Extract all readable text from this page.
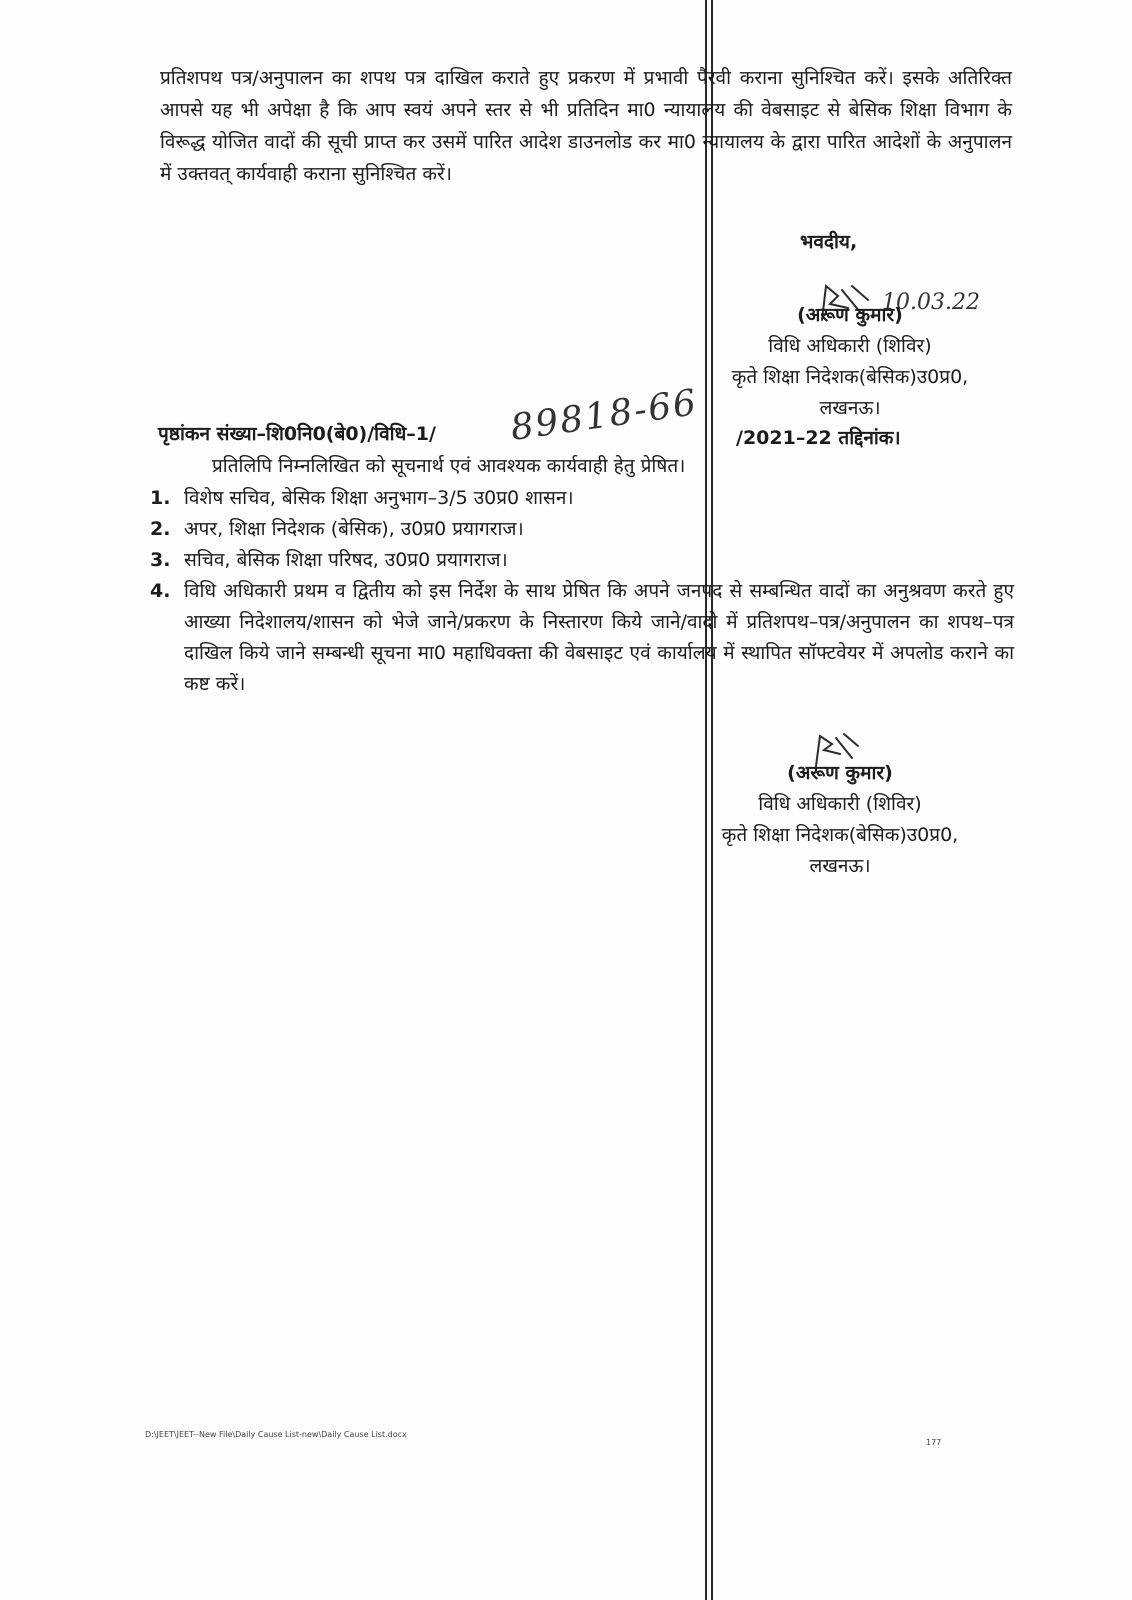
प्रतिशपथ पत्र/अनुपालन का शपथ पत्र दाखिल कराते हुए प्रकरण में प्रभावी पैरवी कराना सुनिश्चित करें। इसके अतिरिक्त आपसे यह भी अपेक्षा है कि आप स्वयं अपने स्तर से भी प्रतिदिन मा0 न्यायालय की वेबसाइट से बेसिक शिक्षा विभाग के विरूद्ध योजित वादों की सूची प्राप्त कर उसमें पारित आदेश डाउनलोड कर मा0 न्यायालय के द्वारा पारित आदेशों के अनुपालन में उक्तवत् कार्यवाही कराना सुनिश्चित करें।
भवदीय,
10.03.22
(अरूण कुमार)
विधि अधिकारी (शिविर)
कृते शिक्षा निदेशक(बेसिक)उ0प्र0,
लखनऊ।
पृष्ठांकन संख्या–शि0नि0(बे0)/विधि–1/ 89818-66 /2021–22 तद्दिनांक।
प्रतिलिपि निम्नलिखित को सूचनार्थ एवं आवश्यक कार्यवाही हेतु प्रेषित।
1. विशेष सचिव, बेसिक शिक्षा अनुभाग–3/5 उ0प्र0 शासन।
2. अपर, शिक्षा निदेशक (बेसिक), उ0प्र0 प्रयागराज।
3. सचिव, बेसिक शिक्षा परिषद, उ0प्र0 प्रयागराज।
4. विधि अधिकारी प्रथम व द्वितीय को इस निर्देश के साथ प्रेषित कि अपने जनपद से सम्बन्धित वादों का अनुश्रवण करते हुए आख्या निदेशालय/शासन को भेजे जाने/प्रकरण के निस्तारण किये जाने/वादो में प्रतिशपथ–पत्र/अनुपालन का शपथ–पत्र दाखिल किये जाने सम्बन्धी सूचना मा0 महाधिवक्ता की वेबसाइट एवं कार्यालय में स्थापित सॉफ्टवेयर में अपलोड कराने का कष्ट करें।
(अरूण कुमार)
विधि अधिकारी (शिविर)
कृते शिक्षा निदेशक(बेसिक)उ0प्र0,
लखनऊ।
D:\JEET\JEET--New File\Daily Cause List-new\Daily Cause List.docx
177
